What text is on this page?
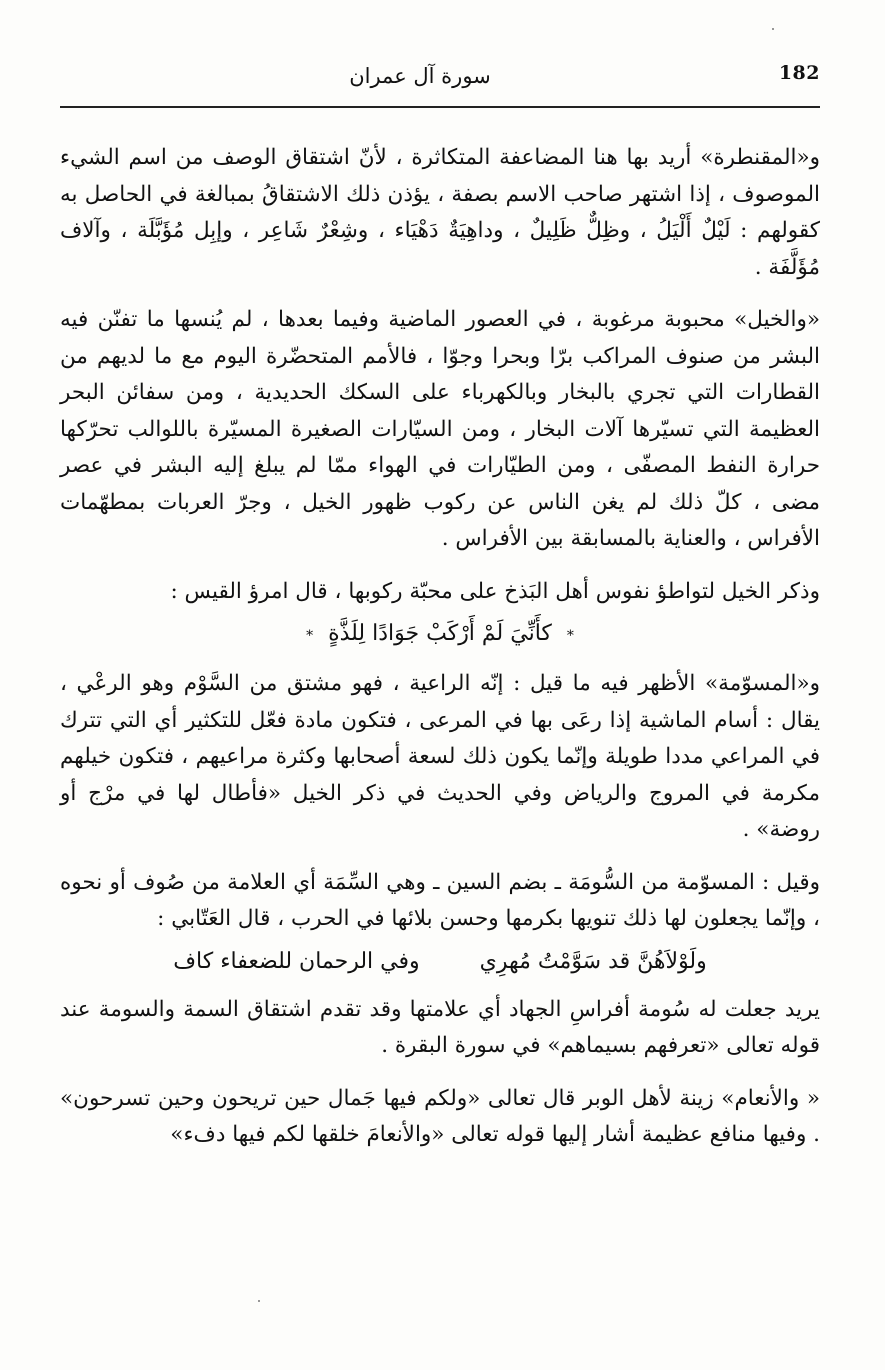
182
سورة آل عمران

و«المقنطرة» أريد بها هنا المضاعفة المتكاثرة ، لأنّ اشتقاق الوصف من اسم الشيء الموصوف ، إذا اشتهر صاحب الاسم بصفة ، يؤذن ذلك الاشتقاقُ بمبالغة في الحاصل به كقولهم : لَيْلٌ أَلْيَلُ ، وظِلٌّ ظَلِيلٌ ، وداهِيَةٌ دَهْيَاء ، وشِعْرٌ شَاعِر ، وإبِل مُؤَبَّلَة ، وآلاف مُؤَلَّفَة .

«والخيل» محبوبة مرغوبة ، في العصور الماضية وفيما بعدها ، لم يُنسها ما تفنّن فيه البشر من صنوف المراكب برّا وبحرا وجوّا ، فالأمم المتحضّرة اليوم مع ما لديهم من القطارات التي تجري بالبخار وبالكهرباء على السكك الحديدية ، ومن سفائن البحر العظيمة التي تسيّرها آلات البخار ، ومن السيّارات الصغيرة المسيّرة باللوالب تحرّكها حرارة النفط المصفّى ، ومن الطيّارات في الهواء ممّا لم يبلغ إليه البشر في عصر مضى ، كلّ ذلك لم يغن الناس عن ركوب ظهور الخيل ، وجرّ العربات بمطهّمات الأفراس ، والعناية بالمسابقة بين الأفراس .

وذكر الخيل لتواطؤ نفوس أهل البَذخ على محبّة ركوبها ، قال امرؤ القيس :

* كأَنِّيَ لَمْ أَرْكَبْ جَوَادًا لِلَذَّةٍ *

و«المسوّمة» الأظهر فيه ما قيل : إنّه الراعية ، فهو مشتق من السَّوْم وهو الرعْي ، يقال : أسام الماشية إذا رعَى بها في المرعى ، فتكون مادة فعّل للتكثير أي التي تترك في المراعي مددا طويلة وإنّما يكون ذلك لسعة أصحابها وكثرة مراعيهم ، فتكون خيلهم مكرمة في المروج والرياض وفي الحديث في ذكر الخيل «فأطال لها في مرْج أو روضة» .

وقيل : المسوّمة من السُّومَة ـ بضم السين ـ وهي السِّمَة أي العلامة من صُوف أو نحوه ، وإنّما يجعلون لها ذلك تنويها بكرمها وحسن بلائها في الحرب ، قال العَتّابي :

ولَوْلاَهُنَّ قد سَوَّمْتُ مُهرِي
وفي الرحمان للضعفاء كاف

يريد جعلت له سُومة أفراسِ الجهاد أي علامتها وقد تقدم اشتقاق السمة والسومة عند قوله تعالى «تعرفهم بسيماهم» في سورة البقرة .

« والأنعام» زينة لأهل الوبر قال تعالى «ولكم فيها جَمال حين تريحون وحين تسرحون» . وفيها منافع عظيمة أشار إليها قوله تعالى «والأنعامَ خلقها لكم فيها دفء»
